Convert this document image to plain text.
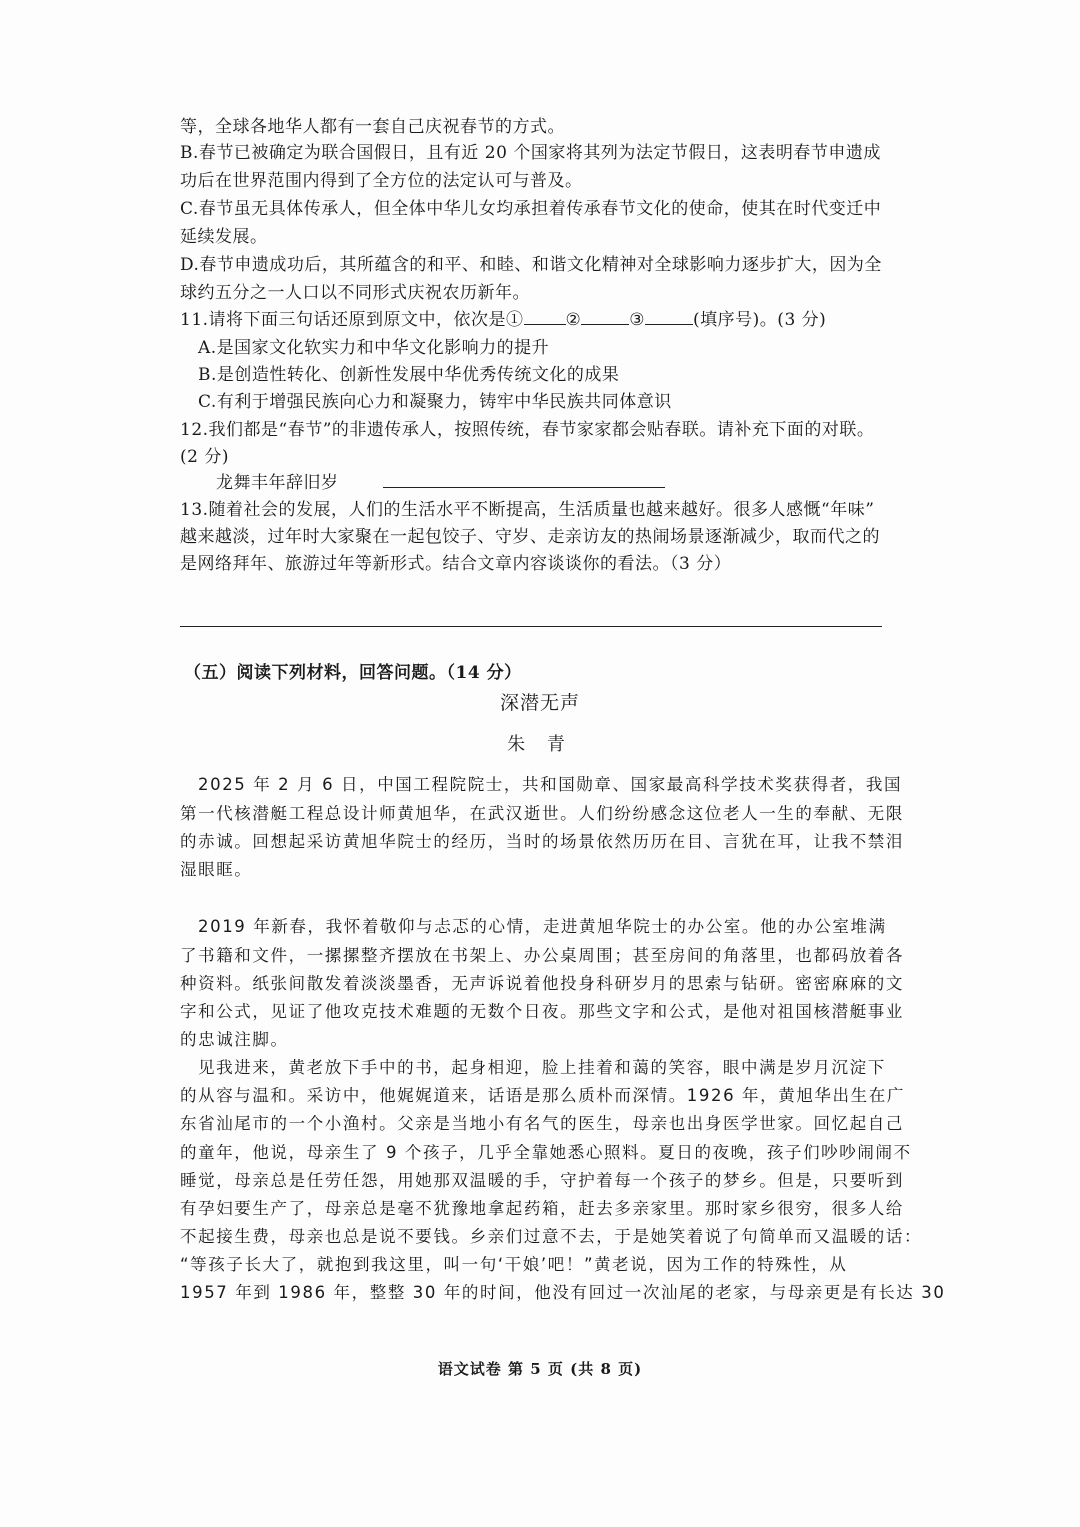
等，全球各地华人都有一套自己庆祝春节的方式。
B.春节已被确定为联合国假日，且有近 20 个国家将其列为法定节假日，这表明春节申遗成
功后在世界范围内得到了全方位的法定认可与普及。
C.春节虽无具体传承人，但全体中华儿女均承担着传承春节文化的使命，使其在时代变迁中
延续发展。
D.春节申遗成功后，其所蕴含的和平、和睦、和谐文化精神对全球影响力逐步扩大，因为全
球约五分之一人口以不同形式庆祝农历新年。
11.请将下面三句话还原到原文中，依次是① ②	③	(填序号)。(3 分)
A.是国家文化软实力和中华文化影响力的提升
B.是创造性转化、创新性发展中华优秀传统文化的成果
C.有利于增强民族向心力和凝聚力，铸牢中华民族共同体意识
12.我们都是“春节”的非遗传承人，按照传统，春节家家都会贴春联。请补充下面的对联。
(2 分)
龙舞丰年辞旧岁
13.随着社会的发展，人们的生活水平不断提高，生活质量也越来越好。很多人感慨“年味”
越来越淡，过年时大家聚在一起包饺子、守岁、走亲访友的热闹场景逐渐减少，取而代之的
是网络拜年、旅游过年等新形式。结合文章内容谈谈你的看法。（3 分）
（五）阅读下列材料，回答问题。（14 分）
深潜无声
朱 青
2025 年 2 月 6 日，中国工程院院士，共和国勋章、国家最高科学技术奖获得者，我国
第一代核潜艇工程总设计师黄旭华，在武汉逝世。人们纷纷感念这位老人一生的奉献、无限
的赤诚。回想起采访黄旭华院士的经历，当时的场景依然历历在目、言犹在耳，让我不禁泪
湿眼眶。
2019 年新春，我怀着敬仰与忐忑的心情，走进黄旭华院士的办公室。他的办公室堆满
了书籍和文件，一摞摞整齐摆放在书架上、办公桌周围；甚至房间的角落里，也都码放着各
种资料。纸张间散发着淡淡墨香，无声诉说着他投身科研岁月的思索与钻研。密密麻麻的文
字和公式，见证了他攻克技术难题的无数个日夜。那些文字和公式，是他对祖国核潜艇事业
的忠诚注脚。
见我进来，黄老放下手中的书，起身相迎，脸上挂着和蔼的笑容，眼中满是岁月沉淀下
的从容与温和。采访中，他娓娓道来，话语是那么质朴而深情。1926 年，黄旭华出生在广
东省汕尾市的一个小渔村。父亲是当地小有名气的医生，母亲也出身医学世家。回忆起自己
的童年，他说，母亲生了 9 个孩子，几乎全靠她悉心照料。夏日的夜晚，孩子们吵吵闹闹不
睡觉，母亲总是任劳任怨，用她那双温暖的手，守护着每一个孩子的梦乡。但是，只要听到
有孕妇要生产了，母亲总是毫不犹豫地拿起药箱，赶去多亲家里。那时家乡很穷，很多人给
不起接生费，母亲也总是说不要钱。乡亲们过意不去，于是她笑着说了句简单而又温暖的话：
“等孩子长大了，就抱到我这里，叫一句‘干娘’吧！”黄老说，因为工作的特殊性，从
1957 年到 1986 年，整整 30 年的时间，他没有回过一次汕尾的老家，与母亲更是有长达 30
语文试卷 第 5 页 (共 8 页)
